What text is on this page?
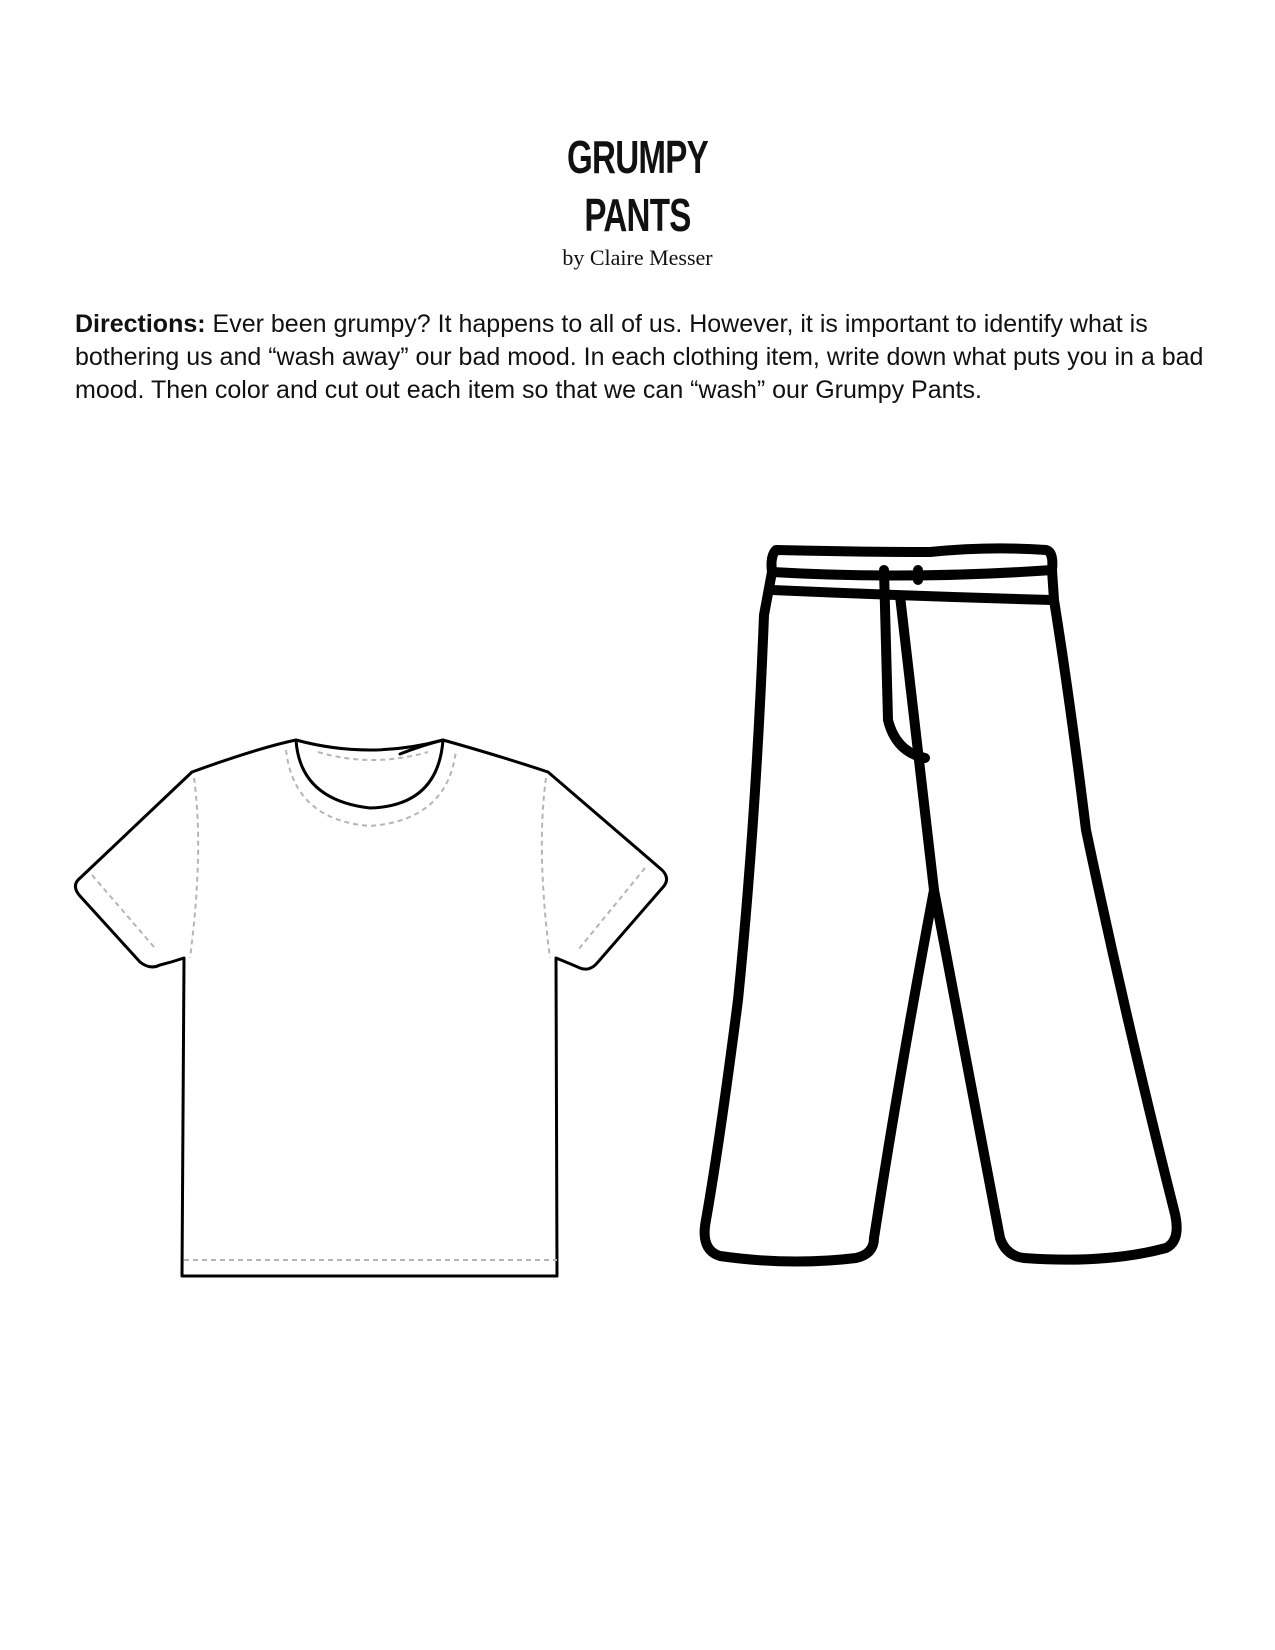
GRUMPY
PANTS
by Claire Messer

Directions: Ever been grumpy? It happens to all of us. However, it is important to identify what is bothering us and “wash away” our bad mood. In each clothing item, write down what puts you in a bad mood. Then color and cut out each item so that we can “wash” our Grumpy Pants.
